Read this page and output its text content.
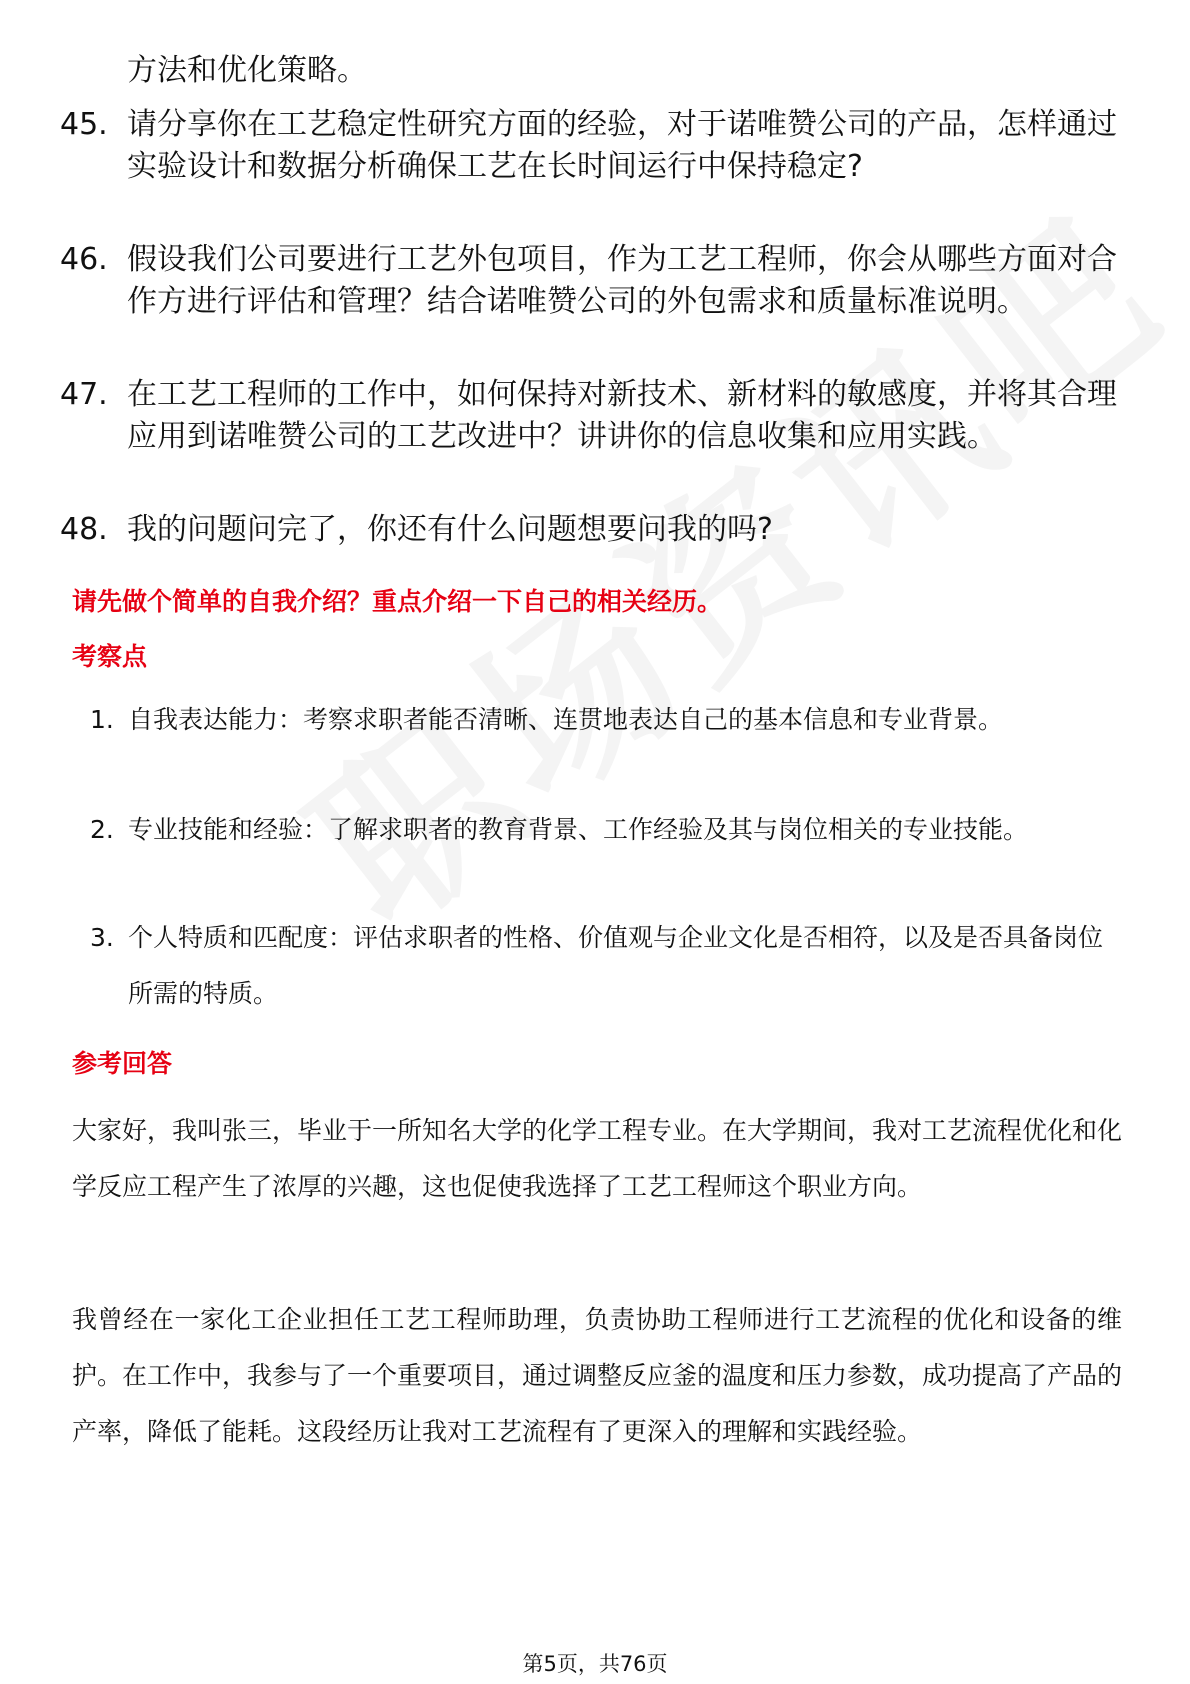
方法和优化策略。
45. 请分享你在工艺稳定性研究方面的经验，对于诺唯赞公司的产品，怎样通过实验设计和数据分析确保工艺在长时间运行中保持稳定?
46. 假设我们公司要进行工艺外包项目，作为工艺工程师，你会从哪些方面对合作方进行评估和管理？结合诺唯赞公司的外包需求和质量标准说明。
47. 在工艺工程师的工作中，如何保持对新技术、新材料的敏感度，并将其合理应用到诺唯赞公司的工艺改进中？讲讲你的信息收集和应用实践。
48. 我的问题问完了，你还有什么问题想要问我的吗?
请先做个简单的自我介绍？重点介绍一下自己的相关经历。
考察点
1. 自我表达能力：考察求职者能否清晰、连贯地表达自己的基本信息和专业背景。
2. 专业技能和经验：了解求职者的教育背景、工作经验及其与岗位相关的专业技能。
3. 个人特质和匹配度：评估求职者的性格、价值观与企业文化是否相符，以及是否具备岗位所需的特质。
参考回答
大家好，我叫张三，毕业于一所知名大学的化学工程专业。在大学期间，我对工艺流程优化和化学反应工程产生了浓厚的兴趣，这也促使我选择了工艺工程师这个职业方向。
我曾经在一家化工企业担任工艺工程师助理，负责协助工程师进行工艺流程的优化和设备的维护。在工作中，我参与了一个重要项目，通过调整反应釜的温度和压力参数，成功提高了产品的产率，降低了能耗。这段经历让我对工艺流程有了更深入的理解和实践经验。
第5页，共76页
